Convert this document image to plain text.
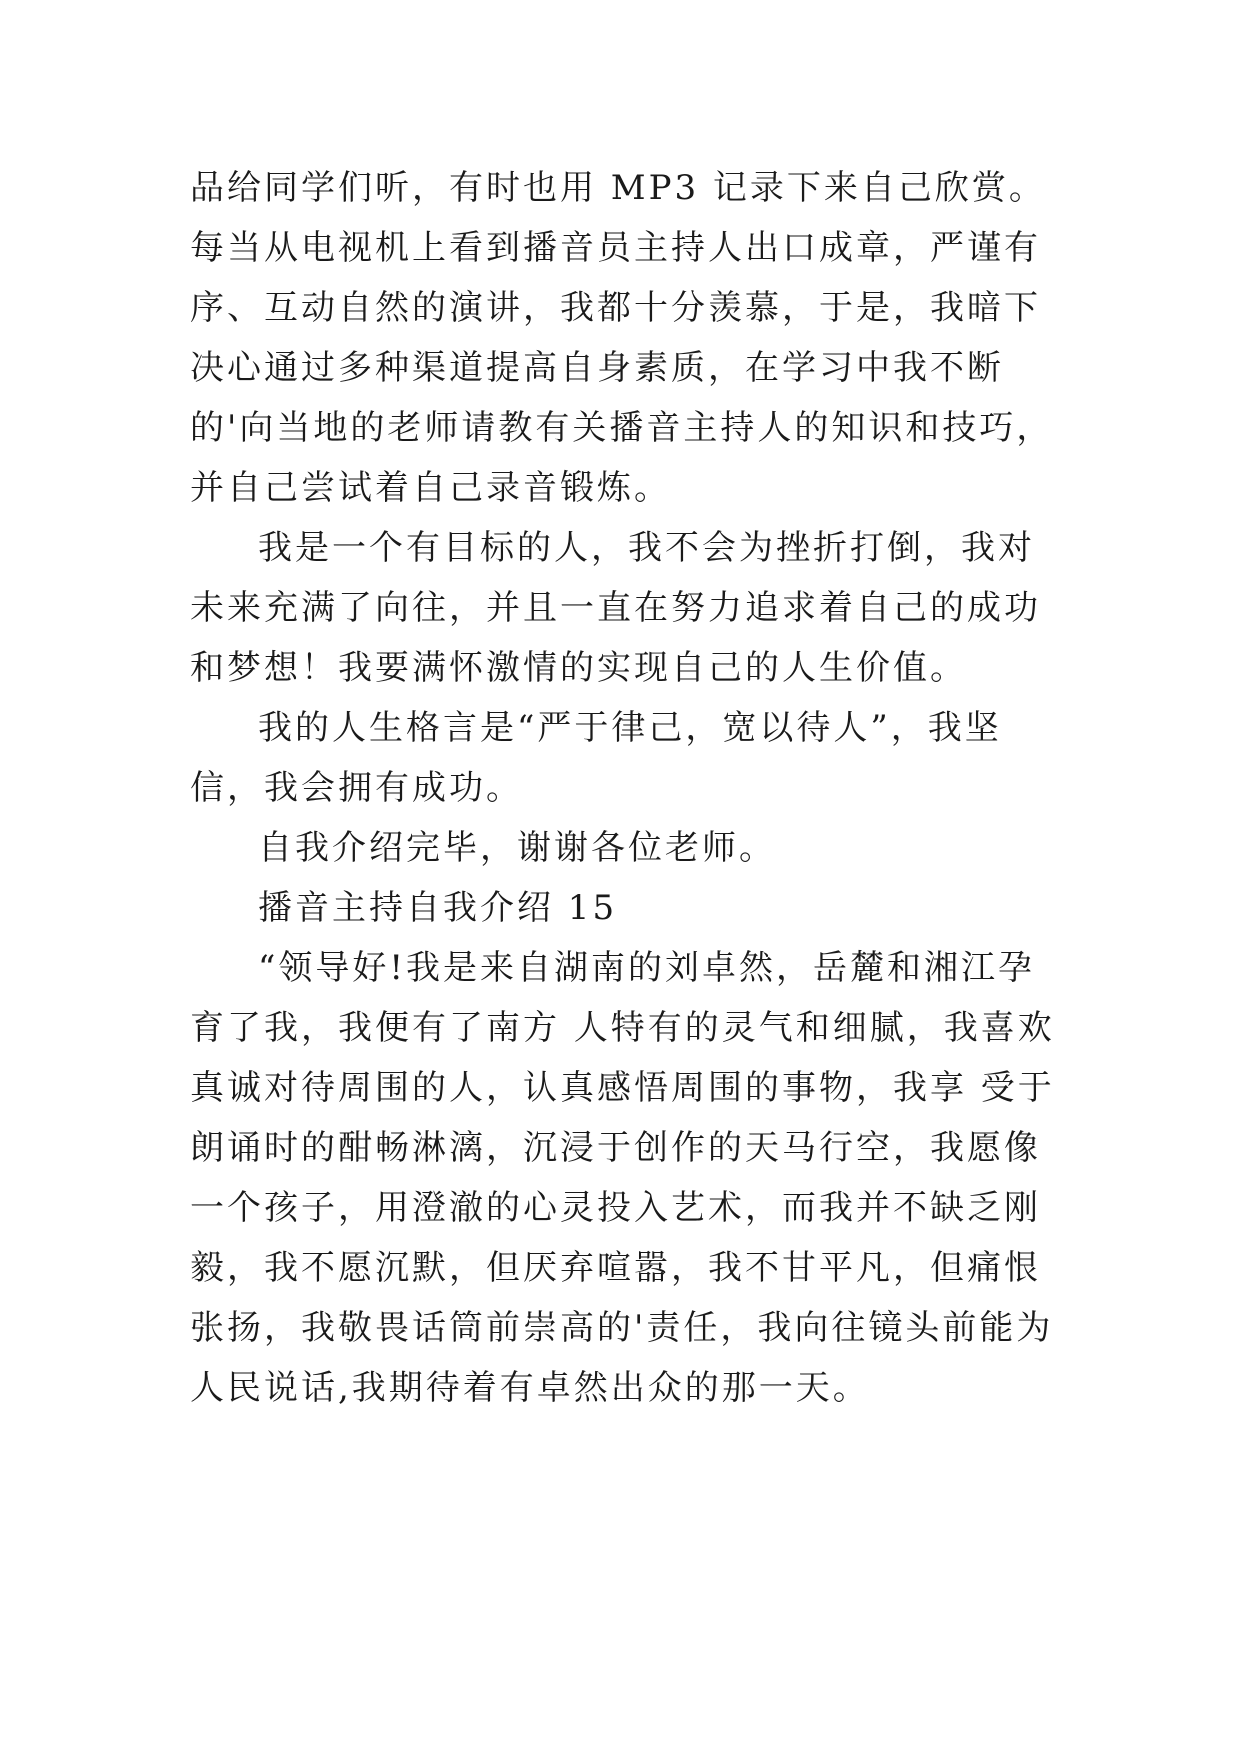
品给同学们听，有时也用 MP3 记录下来自己欣赏。每当从电视机上看到播音员主持人出口成章，严谨有序、互动自然的演讲，我都十分羡慕，于是，我暗下决心通过多种渠道提高自身素质，在学习中我不断的'向当地的老师请教有关播音主持人的知识和技巧，并自己尝试着自己录音锻炼。

我是一个有目标的人，我不会为挫折打倒，我对未来充满了向往，并且一直在努力追求着自己的成功和梦想！我要满怀激情的实现自己的人生价值。

我的人生格言是“严于律己，宽以待人”，我坚信，我会拥有成功。

自我介绍完毕，谢谢各位老师。

播音主持自我介绍 15

“领导好!我是来自湖南的刘卓然，岳麓和湘江孕育了我，我便有了南方 人特有的灵气和细腻，我喜欢真诚对待周围的人，认真感悟周围的事物，我享 受于朗诵时的酣畅淋漓，沉浸于创作的天马行空，我愿像一个孩子，用澄澈的心灵投入艺术，而我并不缺乏刚毅，我不愿沉默，但厌弃喧嚣，我不甘平凡，但痛恨张扬，我敬畏话筒前崇高的'责任，我向往镜头前能为人民说话,我期待着有卓然出众的那一天。
